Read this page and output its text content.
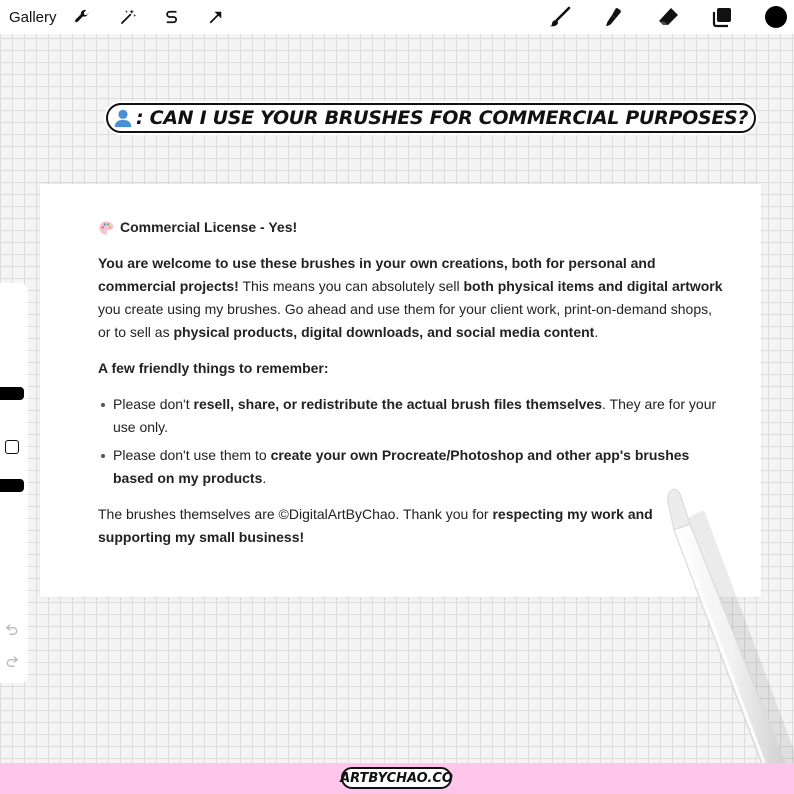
Gallery
: CAN I USE YOUR BRUSHES FOR COMMERCIAL PURPOSES?
Commercial License - Yes!

You are welcome to use these brushes in your own creations, both for personal and commercial projects! This means you can absolutely sell both physical items and digital artwork you create using my brushes. Go ahead and use them for your client work, print-on-demand shops, or to sell as physical products, digital downloads, and social media content.

A few friendly things to remember:

Please don't resell, share, or redistribute the actual brush files themselves. They are for your use only.
Please don't use them to create your own Procreate/Photoshop and other app's brushes based on my products.

The brushes themselves are ©DigitalArtByChao. Thank you for respecting my work and supporting my small business!

ARTBYCHAO.CO
